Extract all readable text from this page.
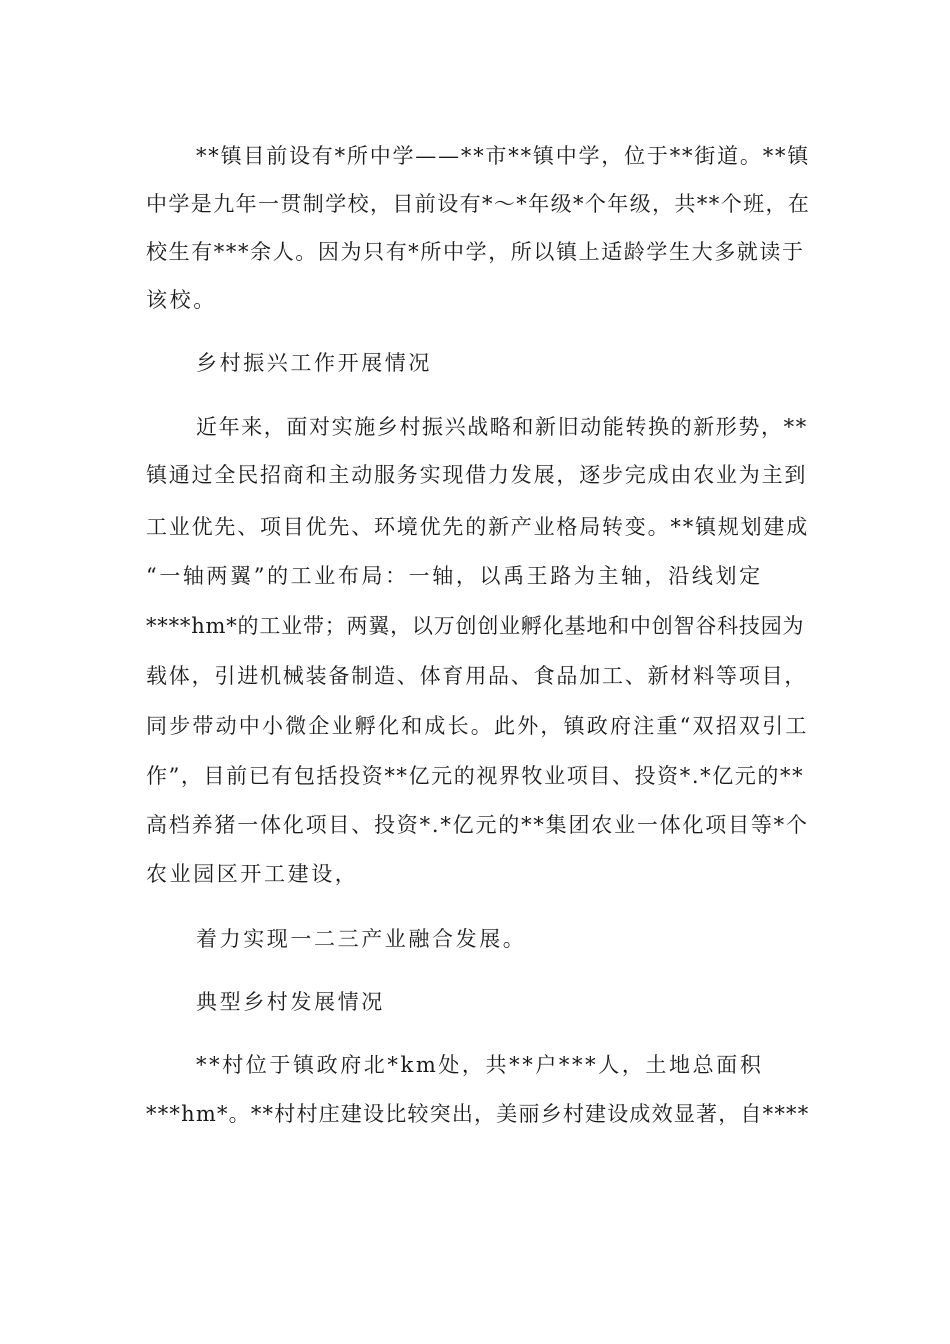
**镇目前设有*所中学——**市**镇中学，位于**街道。**镇
中学是九年一贯制学校，目前设有*～*年级*个年级，共**个班，在
校生有***余人。因为只有*所中学，所以镇上适龄学生大多就读于
该校。
乡村振兴工作开展情况
近年来，面对实施乡村振兴战略和新旧动能转换的新形势，**
镇通过全民招商和主动服务实现借力发展，逐步完成由农业为主到
工业优先、项目优先、环境优先的新产业格局转变。**镇规划建成
“一轴两翼”的工业布局：一轴，以禹王路为主轴，沿线划定
****hm*的工业带；两翼，以万创创业孵化基地和中创智谷科技园为
载体，引进机械装备制造、体育用品、食品加工、新材料等项目，
同步带动中小微企业孵化和成长。此外，镇政府注重“双招双引工
作”，目前已有包括投资**亿元的视界牧业项目、投资*.*亿元的**
高档养猪一体化项目、投资*.*亿元的**集团农业一体化项目等*个
农业园区开工建设，
着力实现一二三产业融合发展。
典型乡村发展情况
**村位于镇政府北*km处，共**户***人，土地总面积
***hm*。**村村庄建设比较突出，美丽乡村建设成效显著，自****
